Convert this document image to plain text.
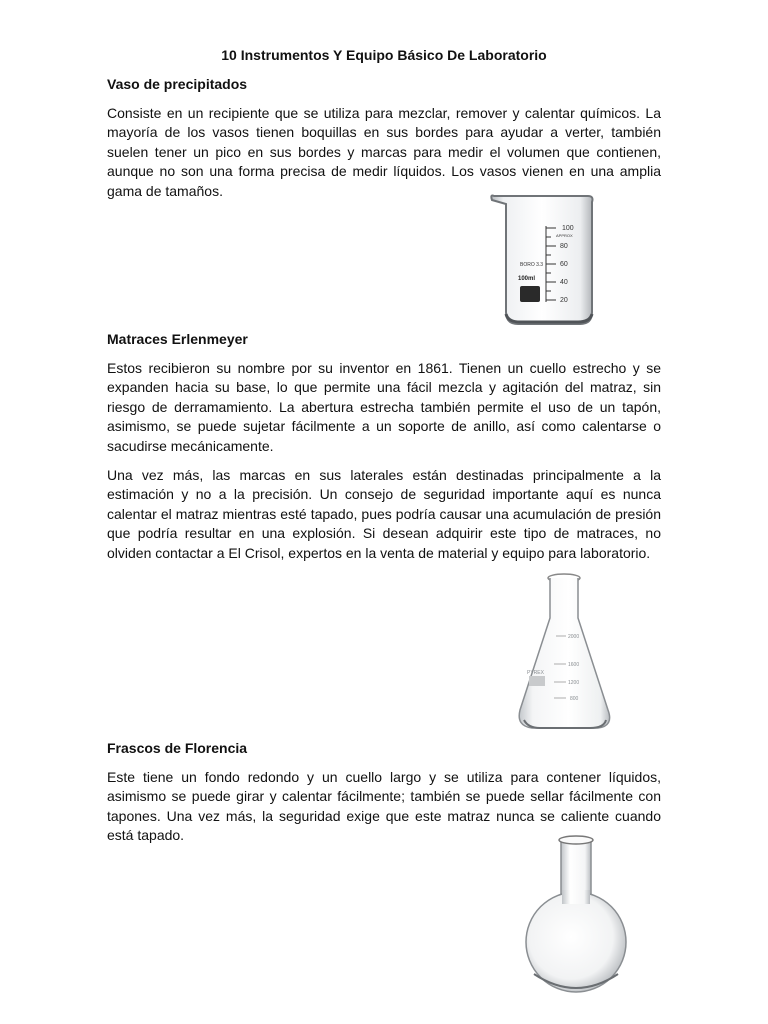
10 Instrumentos Y Equipo Básico De Laboratorio
Vaso de precipitados

Consiste en un recipiente que se utiliza para mezclar, remover y calentar químicos. La mayoría de los vasos tienen boquillas en sus bordes para ayudar a verter, también suelen tener un pico en sus bordes y marcas para medir el volumen que contienen, aunque no son una forma precisa de medir líquidos. Los vasos vienen en una amplia gama de tamaños.

Matraces Erlenmeyer

Estos recibieron su nombre por su inventor en 1861. Tienen un cuello estrecho y se expanden hacia su base, lo que permite una fácil mezcla y agitación del matraz, sin riesgo de derramamiento. La abertura estrecha también permite el uso de un tapón, asimismo, se puede sujetar fácilmente a un soporte de anillo, así como calentarse o sacudirse mecánicamente.

Una vez más, las marcas en sus laterales están destinadas principalmente a la estimación y no a la precisión. Un consejo de seguridad importante aquí es nunca calentar el matraz mientras esté tapado, pues podría causar una acumulación de presión que podría resultar en una explosión. Si desean adquirir este tipo de matraces, no olviden contactar a El Crisol, expertos en la venta de material y equipo para laboratorio.

Frascos de Florencia

Este tiene un fondo redondo y un cuello largo y se utiliza para contener líquidos, asimismo se puede girar y calentar fácilmente; también se puede sellar fácilmente con tapones. Una vez más, la seguridad exige que este matraz nunca se caliente cuando está tapado.

100
APPROX
80
60
40
20
BORO 3.3
100ml
PYREX
2000
1600
1200
800
